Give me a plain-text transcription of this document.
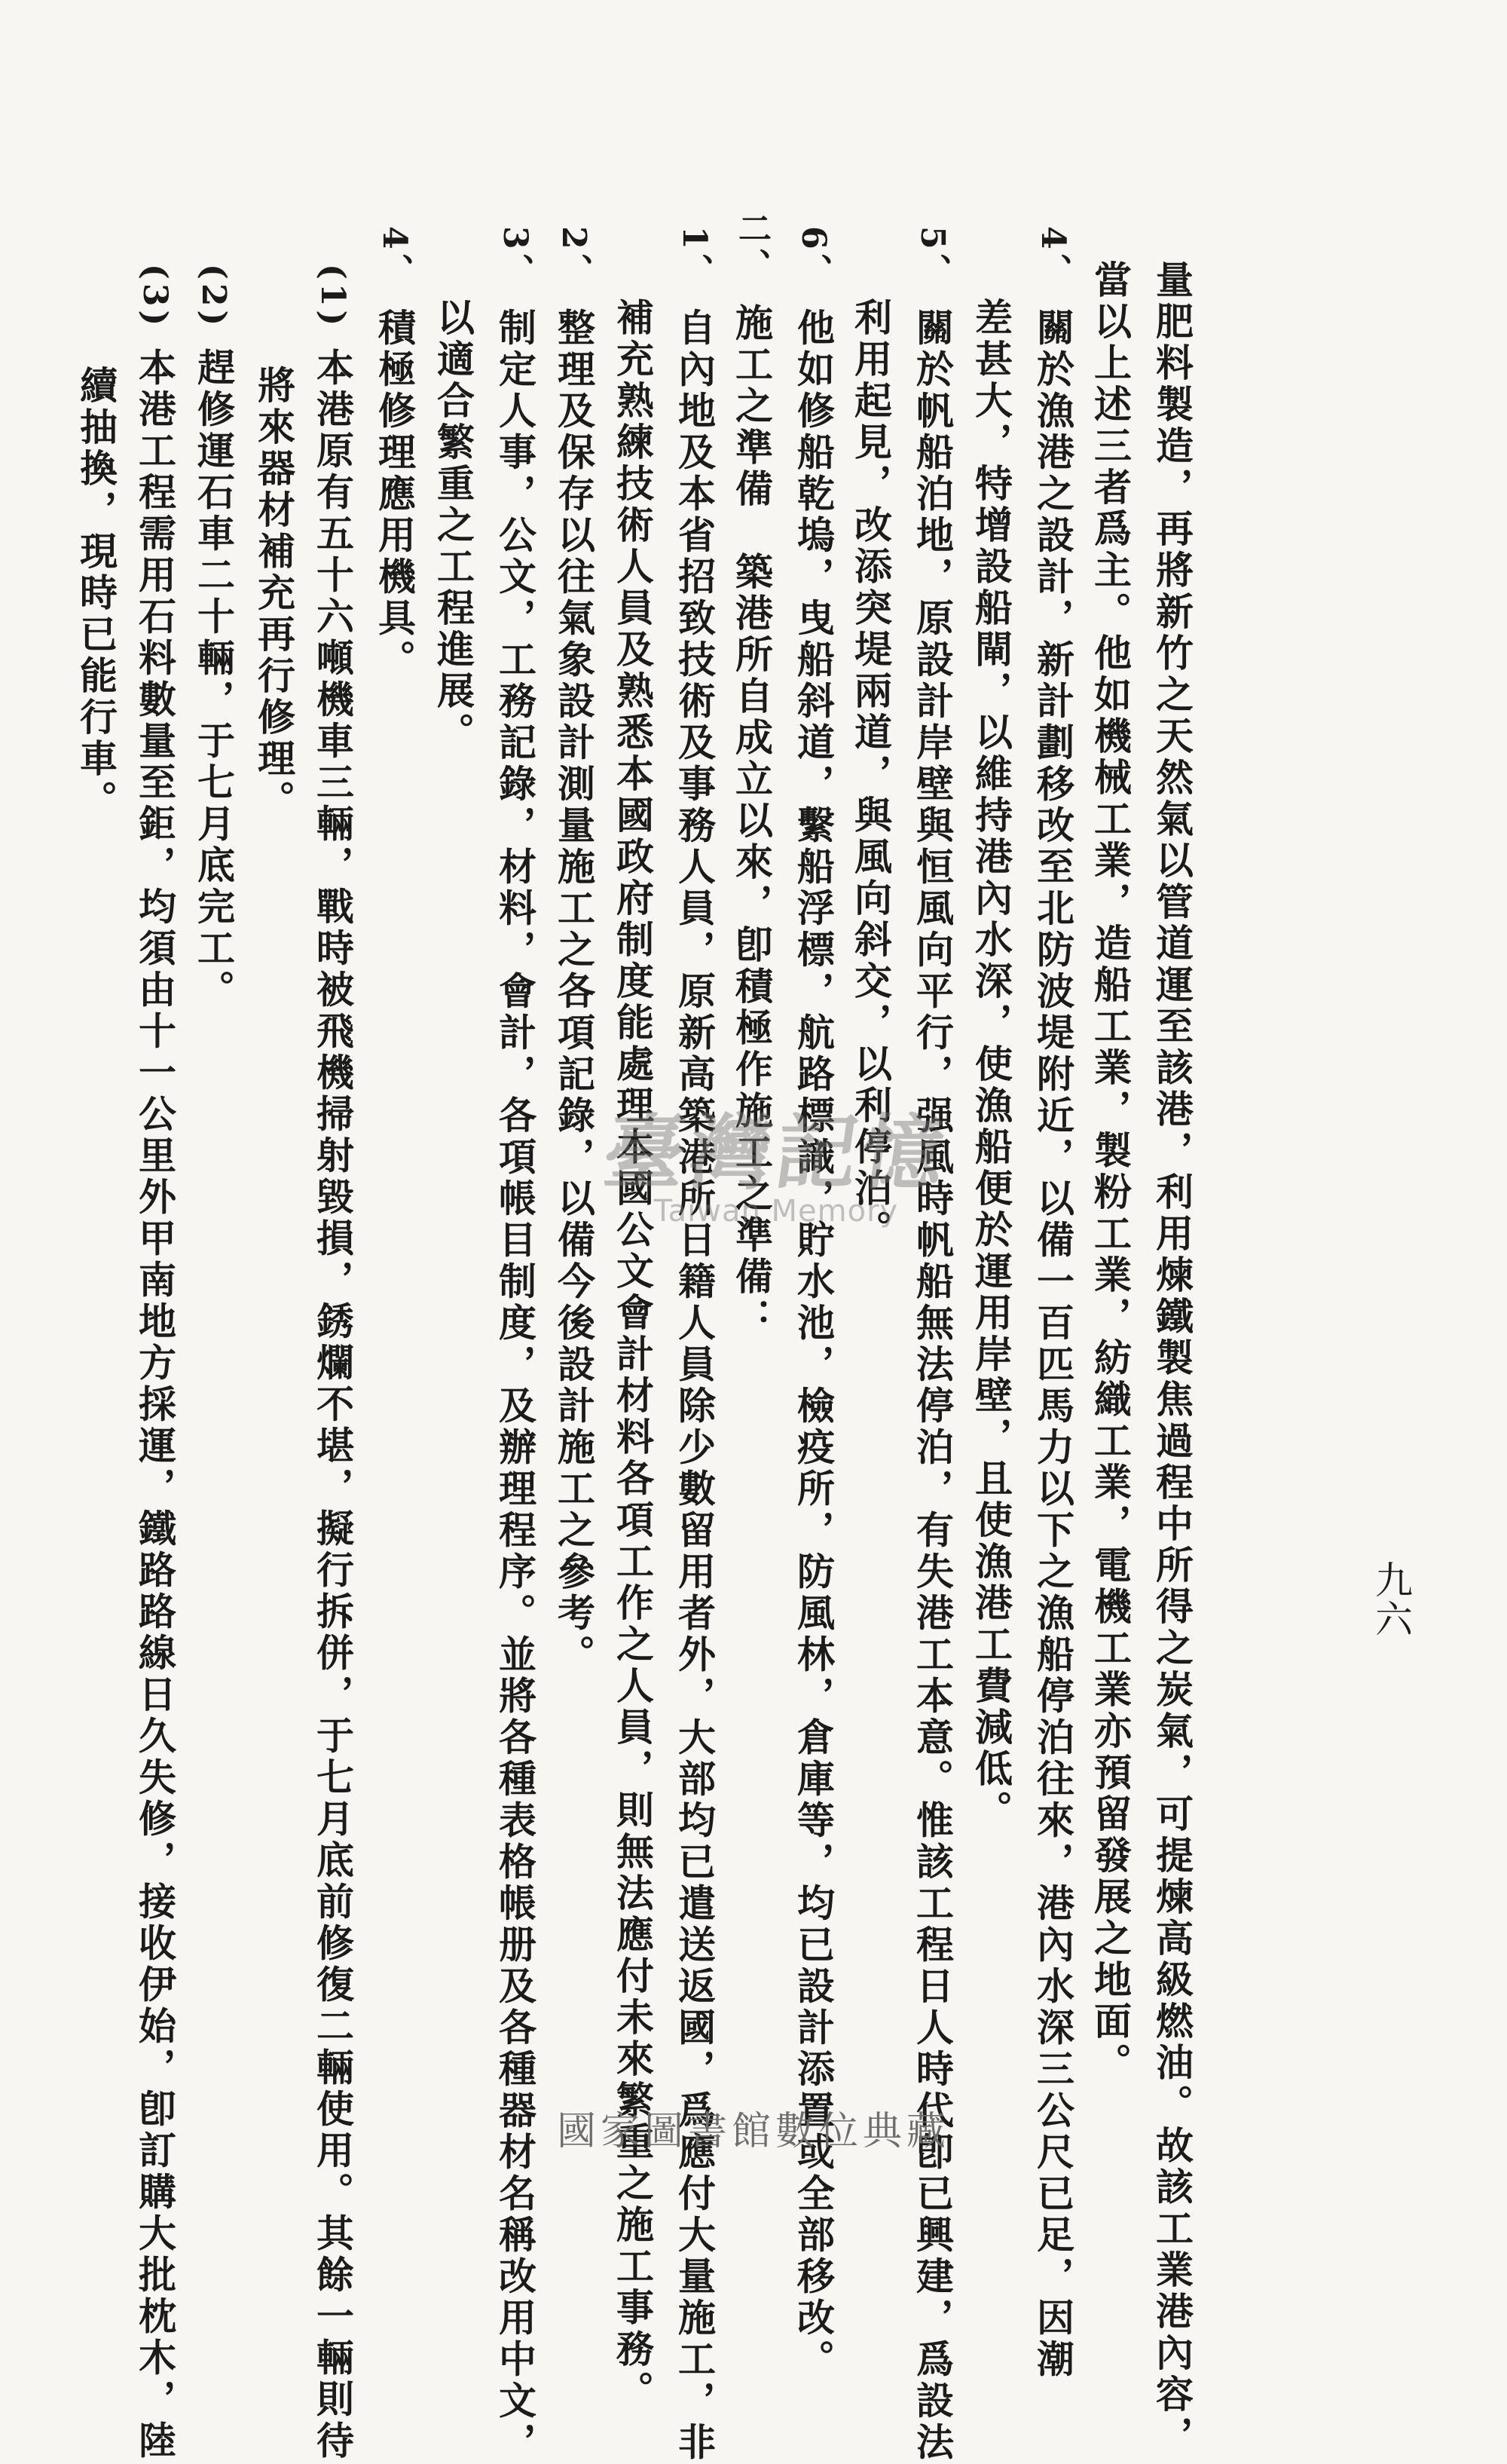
九六
量肥料製造，再將新竹之天然氣以管道運至該港，利用煉鐵製焦過程中所得之炭氣，可提煉高級燃油。故該工業港內容，
當以上述三者爲主。他如機械工業，造船工業，製粉工業，紡織工業，電機工業亦預留發展之地面。
4、關於漁港之設計，新計劃移改至北防波堤附近，以備一百匹馬力以下之漁船停泊往來，港內水深三公尺已足，因潮
差甚大，特增設船閘，以維持港內水深，使漁船便於運用岸壁，且使漁港工費減低。
5、關於帆船泊地，原設計岸壁與恒風向平行，强風時帆船無法停泊，有失港工本意。惟該工程日人時代卽已興建，爲設法
利用起見，改添突堤兩道，與風向斜交，以利停泊。
6、他如修船乾塢，曳船斜道，繫船浮標，航路標識，貯水池，檢疫所，防風林，倉庫等，均已設計添置或全部移改。
二、施工之準備　築港所自成立以來，卽積極作施工之準備：
1、自內地及本省招致技術及事務人員，原新高築港所日籍人員除少數留用者外，大部均已遣送返國，爲應付大量施工，非
補充熟練技術人員及熟悉本國政府制度能處理本國公文會計材料各項工作之人員，則無法應付未來繁重之施工事務。
2、整理及保存以往氣象設計測量施工之各項記錄，以備今後設計施工之參考。
3、制定人事，公文，工務記錄，材料，會計，各項帳目制度，及辦理程序。並將各種表格帳册及各種器材名稱改用中文，
以適合繁重之工程進展。
4、積極修理應用機具。
(1)本港原有五十六噸機車三輛，戰時被飛機掃射毀損，銹爛不堪，擬行拆併，于七月底前修復二輛使用。其餘一輛則待
將來器材補充再行修理。
(2)趕修運石車二十輛，于七月底完工。
(3)本港工程需用石料數量至鉅，均須由十一公里外甲南地方採運，鐵路路線日久失修，接收伊始，卽訂購大批枕木，陸
續抽換，現時已能行車。
臺灣記憶
Taiwan Memory
國家圖書館數位典藏
